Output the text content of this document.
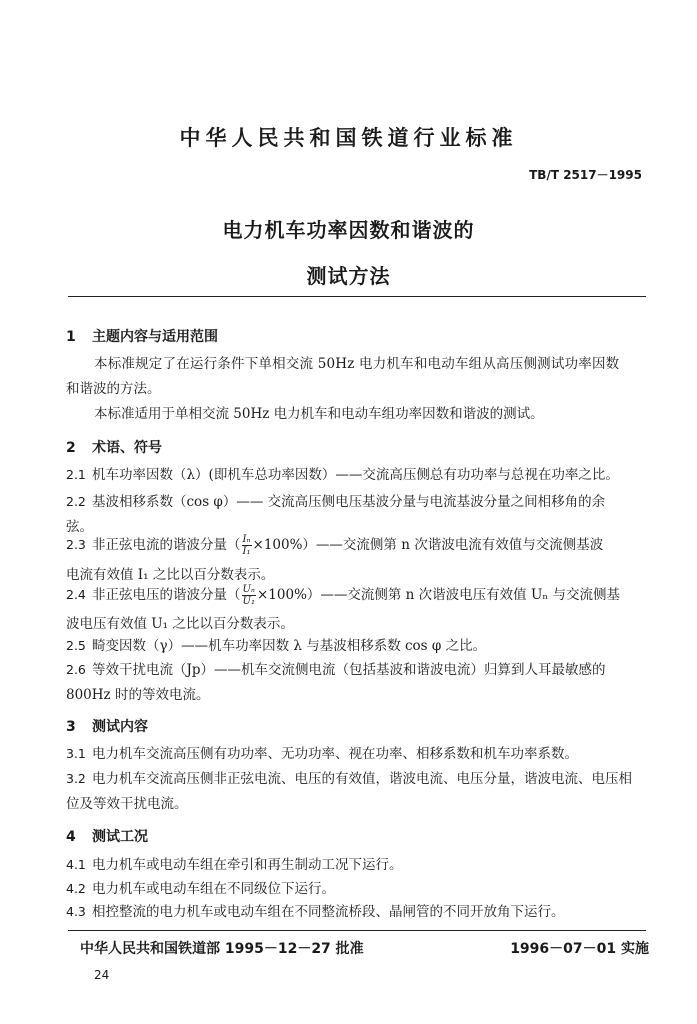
中华人民共和国铁道行业标准
TB/T 2517－1995
电力机车功率因数和谐波的
测试方法
1 主题内容与适用范围
本标准规定了在运行条件下单相交流 50Hz 电力机车和电动车组从高压侧测试功率因数
和谐波的方法。
本标准适用于单相交流 50Hz 电力机车和电动车组功率因数和谐波的测试。
2 术语、符号
2.1 机车功率因数（λ）(即机车总功率因数）——交流高压侧总有功功率与总视在功率之比。
2.2 基波相移系数（cos φ）—— 交流高压侧电压基波分量与电流基波分量之间相移角的余
弦。
2.3 非正弦电流的谐波分量（ $\frac{\text{Iₙ}}{\text{I₁}}$ ×100%）——交流侧第 n 次谐波电流有效值与交流侧基波
电流有效值 I₁ 之比以百分数表示。
2.4 非正弦电压的谐波分量（ $\frac{\text{Uₙ}}{\text{U₁}}$ ×100%）——交流侧第 n 次谐波电压有效值 Uₙ 与交流侧基
波电压有效值 U₁ 之比以百分数表示。
2.5 畸变因数（γ）——机车功率因数 λ 与基波相移系数 cos φ 之比。
2.6 等效干扰电流（Jp）——机车交流侧电流（包括基波和谐波电流）归算到人耳最敏感的
800Hz 时的等效电流。
3 测试内容
3.1 电力机车交流高压侧有功功率、无功功率、视在功率、相移系数和机车功率系数。
3.2 电力机车交流高压侧非正弦电流、电压的有效值，谐波电流、电压分量，谐波电流、电压相
位及等效干扰电流。
4 测试工况
4.1 电力机车或电动车组在牵引和再生制动工况下运行。
4.2 电力机车或电动车组在不同级位下运行。
4.3 相控整流的电力机车或电动车组在不同整流桥段、晶闸管的不同开放角下运行。
中华人民共和国铁道部 1995－12－27 批准	1996－07－01 实施
24
